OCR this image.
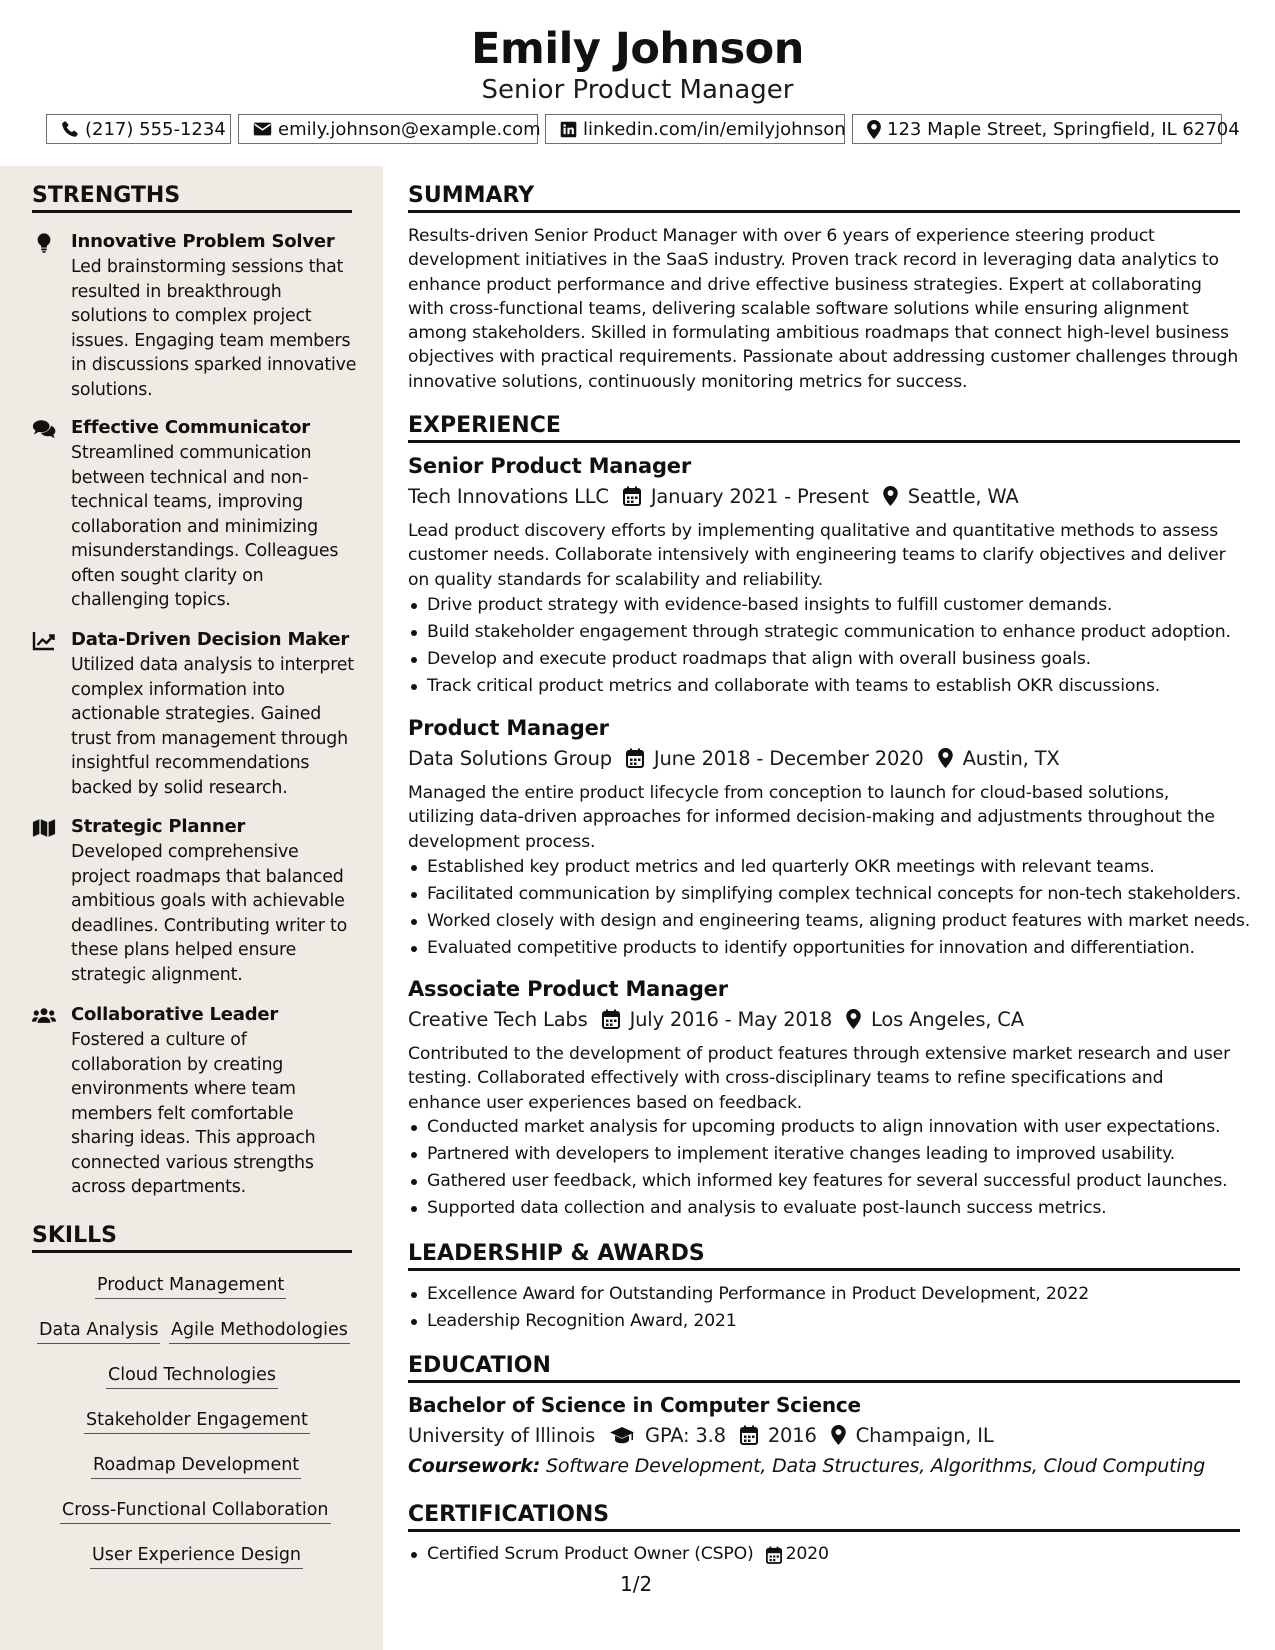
Emily Johnson
Senior Product Manager
(217) 555-1234	emily.johnson@example.com linkedin.com/in/emilyjohnson 123 Maple Street, Springfield, IL 62704
STRENGTHS
Innovative Problem Solver
Led brainstorming sessions that resulted in breakthrough solutions to complex project issues. Engaging team members in discussions sparked innovative solutions.
Effective Communicator
Streamlined communication between technical and non-technical teams, improving collaboration and minimizing misunderstandings. Colleagues often sought clarity on challenging topics.
Data-Driven Decision Maker
Utilized data analysis to interpret complex information into actionable strategies. Gained trust from management through insightful recommendations backed by solid research.
Strategic Planner
Developed comprehensive project roadmaps that balanced ambitious goals with achievable deadlines. Contributing writer to these plans helped ensure strategic alignment.
Collaborative Leader
Fostered a culture of collaboration by creating environments where team members felt comfortable sharing ideas. This approach connected various strengths across departments.
SKILLS
Product Management
Data Analysis Agile Methodologies
Cloud Technologies
Stakeholder Engagement
Roadmap Development
Cross-Functional Collaboration
User Experience Design
SUMMARY
Results-driven Senior Product Manager with over 6 years of experience steering product development initiatives in the SaaS industry. Proven track record in leveraging data analytics to enhance product performance and drive effective business strategies. Expert at collaborating with cross-functional teams, delivering scalable software solutions while ensuring alignment among stakeholders. Skilled in formulating ambitious roadmaps that connect high-level business objectives with practical requirements. Passionate about addressing customer challenges through innovative solutions, continuously monitoring metrics for success.
EXPERIENCE
Senior Product Manager
Tech Innovations LLC January 2021 - Present Seattle, WA
Lead product discovery efforts by implementing qualitative and quantitative methods to assess customer needs. Collaborate intensively with engineering teams to clarify objectives and deliver on quality standards for scalability and reliability.
Drive product strategy with evidence-based insights to fulfill customer demands.
Build stakeholder engagement through strategic communication to enhance product adoption.
Develop and execute product roadmaps that align with overall business goals.
Track critical product metrics and collaborate with teams to establish OKR discussions.
Product Manager
Data Solutions Group June 2018 - December 2020 Austin, TX
Managed the entire product lifecycle from conception to launch for cloud-based solutions, utilizing data-driven approaches for informed decision-making and adjustments throughout the development process.
Established key product metrics and led quarterly OKR meetings with relevant teams.
Facilitated communication by simplifying complex technical concepts for non-tech stakeholders.
Worked closely with design and engineering teams, aligning product features with market needs.
Evaluated competitive products to identify opportunities for innovation and differentiation.
Associate Product Manager
Creative Tech Labs July 2016 - May 2018 Los Angeles, CA
Contributed to the development of product features through extensive market research and user testing. Collaborated effectively with cross-disciplinary teams to refine specifications and enhance user experiences based on feedback.
Conducted market analysis for upcoming products to align innovation with user expectations.
Partnered with developers to implement iterative changes leading to improved usability.
Gathered user feedback, which informed key features for several successful product launches.
Supported data collection and analysis to evaluate post-launch success metrics.
LEADERSHIP & AWARDS
Excellence Award for Outstanding Performance in Product Development, 2022
Leadership Recognition Award, 2021
EDUCATION
Bachelor of Science in Computer Science
University of Illinois	GPA: 3.8 2016 Champaign, IL
Coursework: Software Development, Data Structures, Algorithms, Cloud Computing
CERTIFICATIONS
Certified Scrum Product Owner (CSPO) 2020
1/2
